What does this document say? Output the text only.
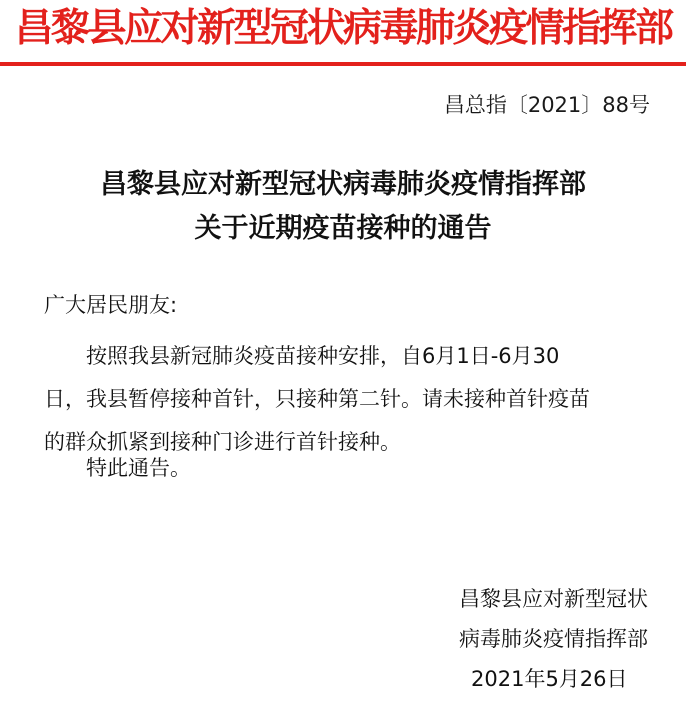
昌黎县应对新型冠状病毒肺炎疫情指挥部
昌总指〔2021〕88号
昌黎县应对新型冠状病毒肺炎疫情指挥部
关于近期疫苗接种的通告
广大居民朋友:
按照我县新冠肺炎疫苗接种安排，自6月1日-6月30
日，我县暂停接种首针，只接种第二针。请未接种首针疫苗
的群众抓紧到接种门诊进行首针接种。
特此通告。
昌黎县应对新型冠状
病毒肺炎疫情指挥部
2021年5月26日
